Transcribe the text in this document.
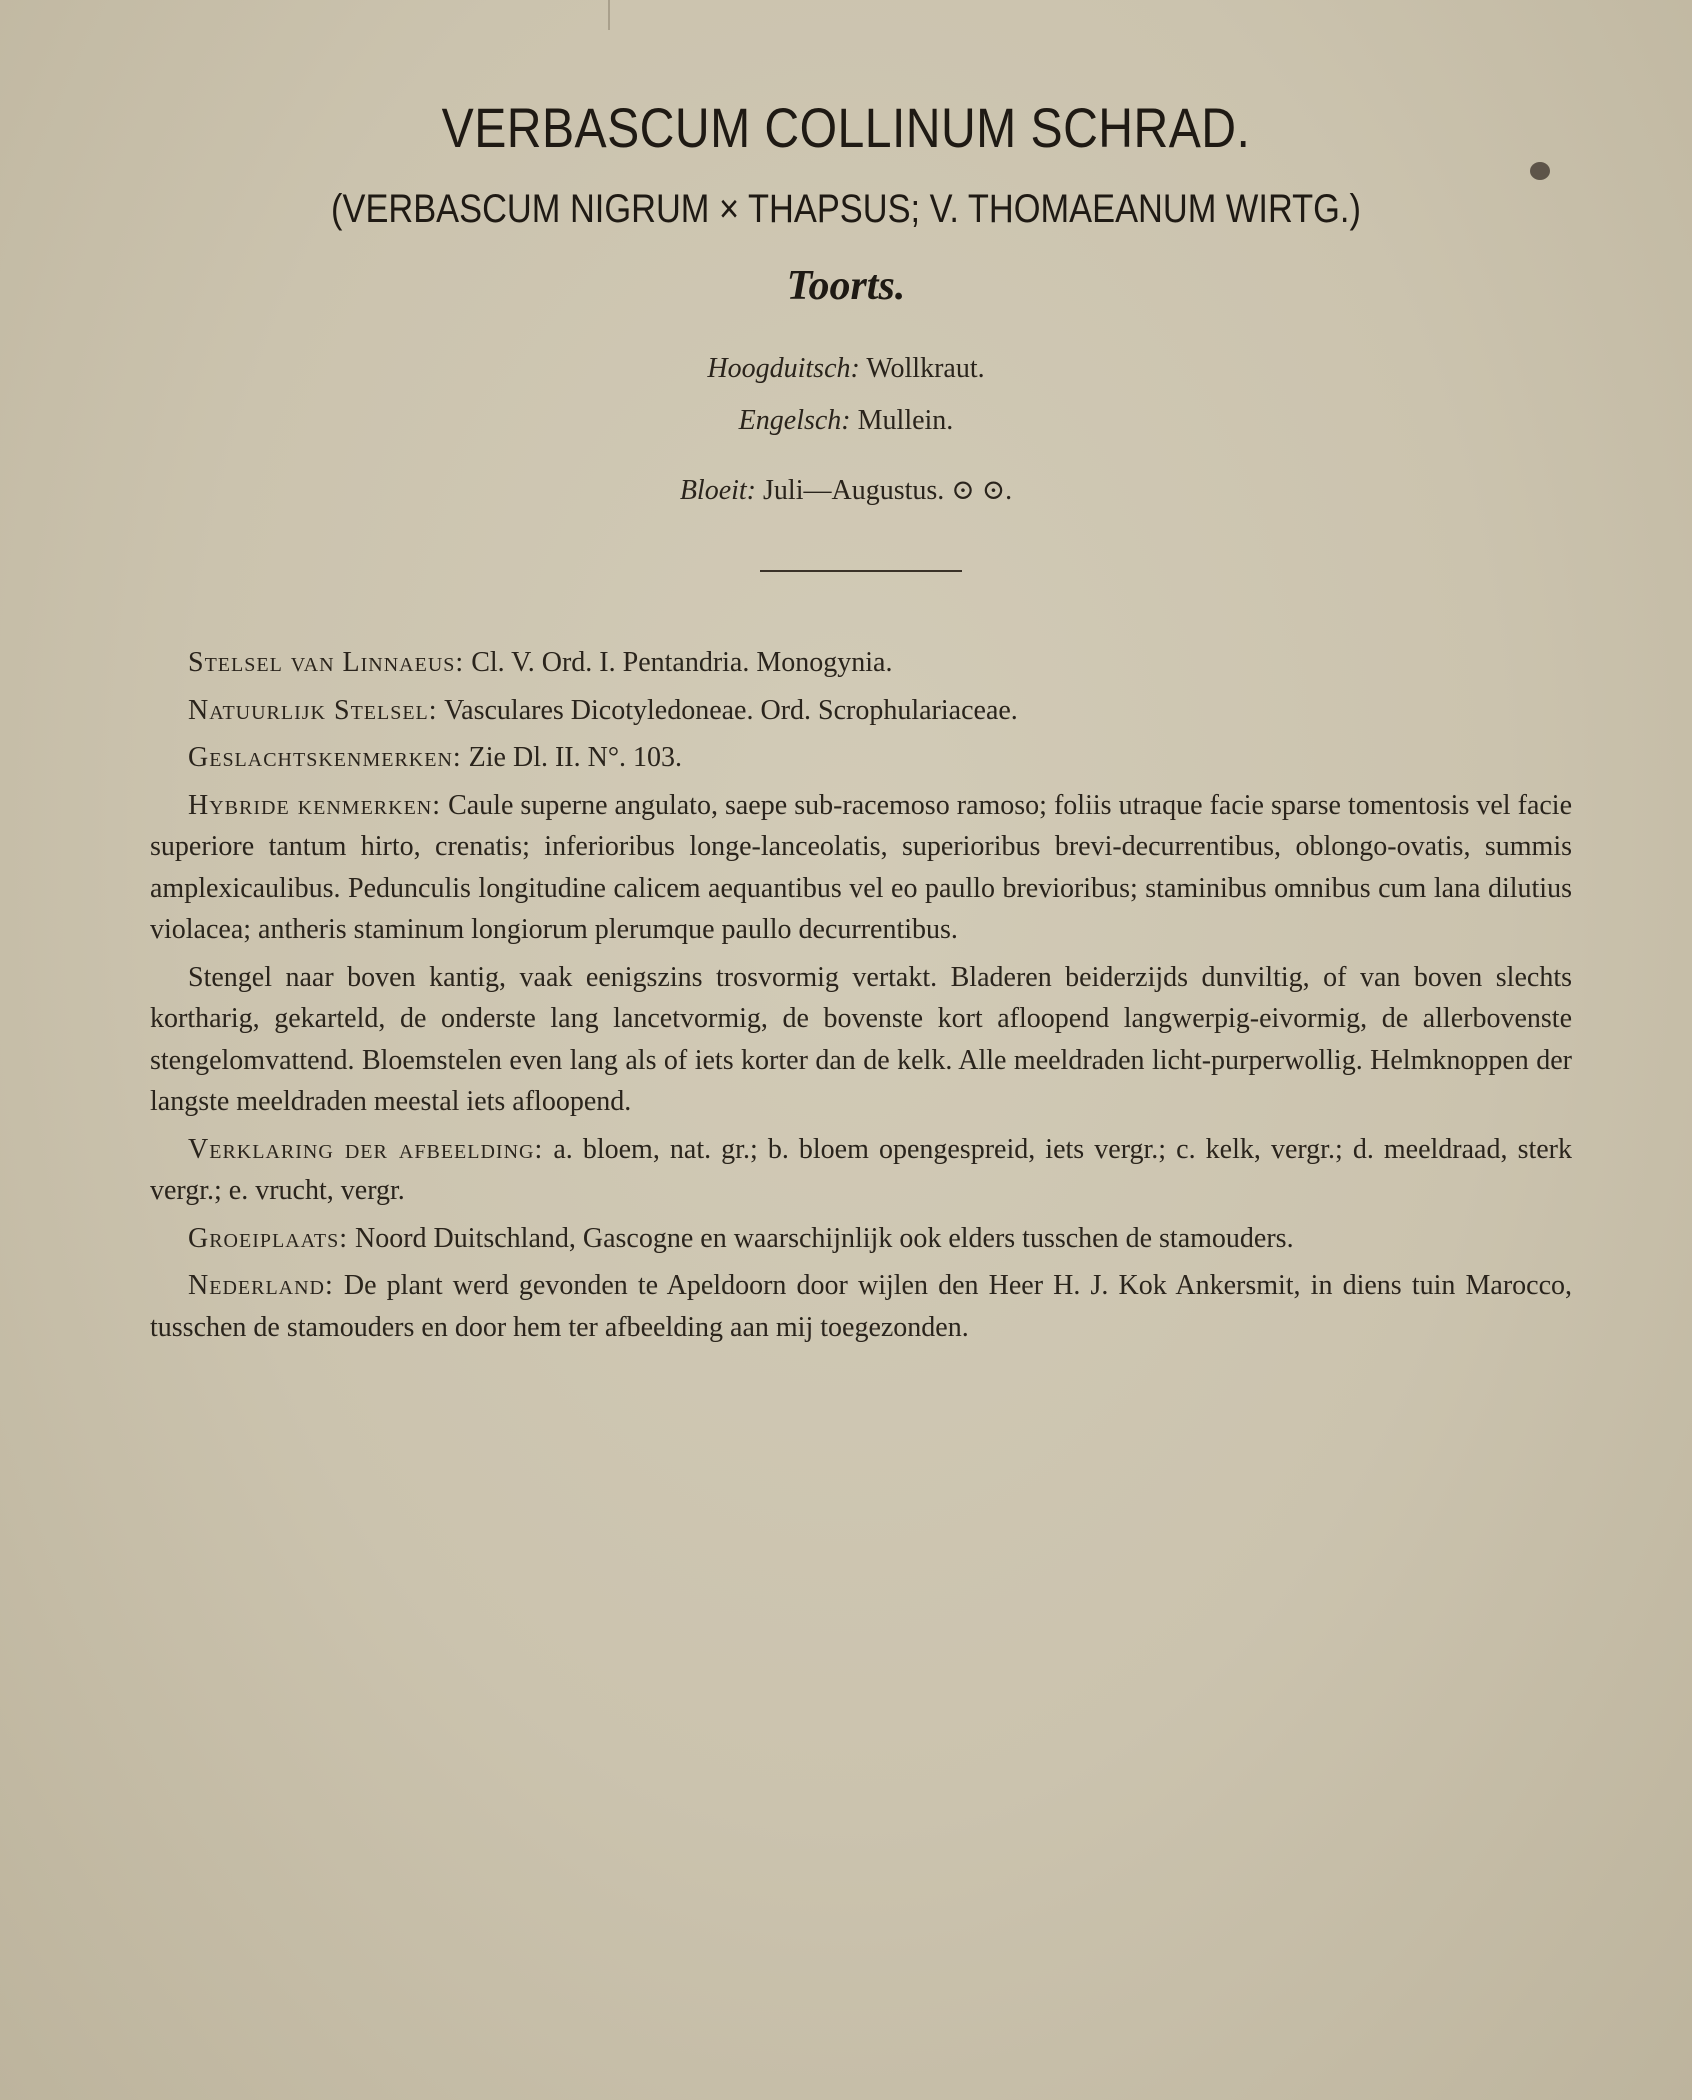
VERBASCUM COLLINUM SCHRAD.
(VERBASCUM NIGRUM × THAPSUS; V. THOMAEANUM WIRTG.)
Toorts.
Hoogduitsch: Wollkraut.
Engelsch: Mullein.
Bloeit: Juli—Augustus. ⊙ ⊙.

Stelsel van Linnaeus: Cl. V. Ord. I. Pentandria. Monogynia.

Natuurlijk Stelsel: Vasculares Dicotyledoneae. Ord. Scrophulariaceae.

Geslachtskenmerken: Zie Dl. II. N°. 103.

Hybride kenmerken: Caule superne angulato, saepe sub-racemoso ramoso; foliis utraque facie sparse tomentosis vel facie superiore tantum hirto, crenatis; inferioribus longe-lanceolatis, superioribus brevi-decurrentibus, oblongo-ovatis, summis amplexicaulibus. Pedunculis longitudine calicem aequantibus vel eo paullo brevioribus; staminibus omnibus cum lana dilutius violacea; antheris staminum longiorum plerumque paullo decurrentibus.

Stengel naar boven kantig, vaak eenigszins trosvormig vertakt. Bladeren beiderzijds dunviltig, of van boven slechts kortharig, gekarteld, de onderste lang lancetvormig, de bovenste kort afloopend langwerpig-eivormig, de allerbovenste stengelomvattend. Bloemstelen even lang als of iets korter dan de kelk. Alle meeldraden licht-purperwollig. Helmknoppen der langste meeldraden meestal iets afloopend.

Verklaring der afbeelding: a. bloem, nat. gr.; b. bloem opengespreid, iets vergr.; c. kelk, vergr.; d. meeldraad, sterk vergr.; e. vrucht, vergr.

Groeiplaats: Noord Duitschland, Gascogne en waarschijnlijk ook elders tusschen de stamouders.

Nederland: De plant werd gevonden te Apeldoorn door wijlen den Heer H. J. Kok Ankersmit, in diens tuin Marocco, tusschen de stamouders en door hem ter afbeelding aan mij toegezonden.
